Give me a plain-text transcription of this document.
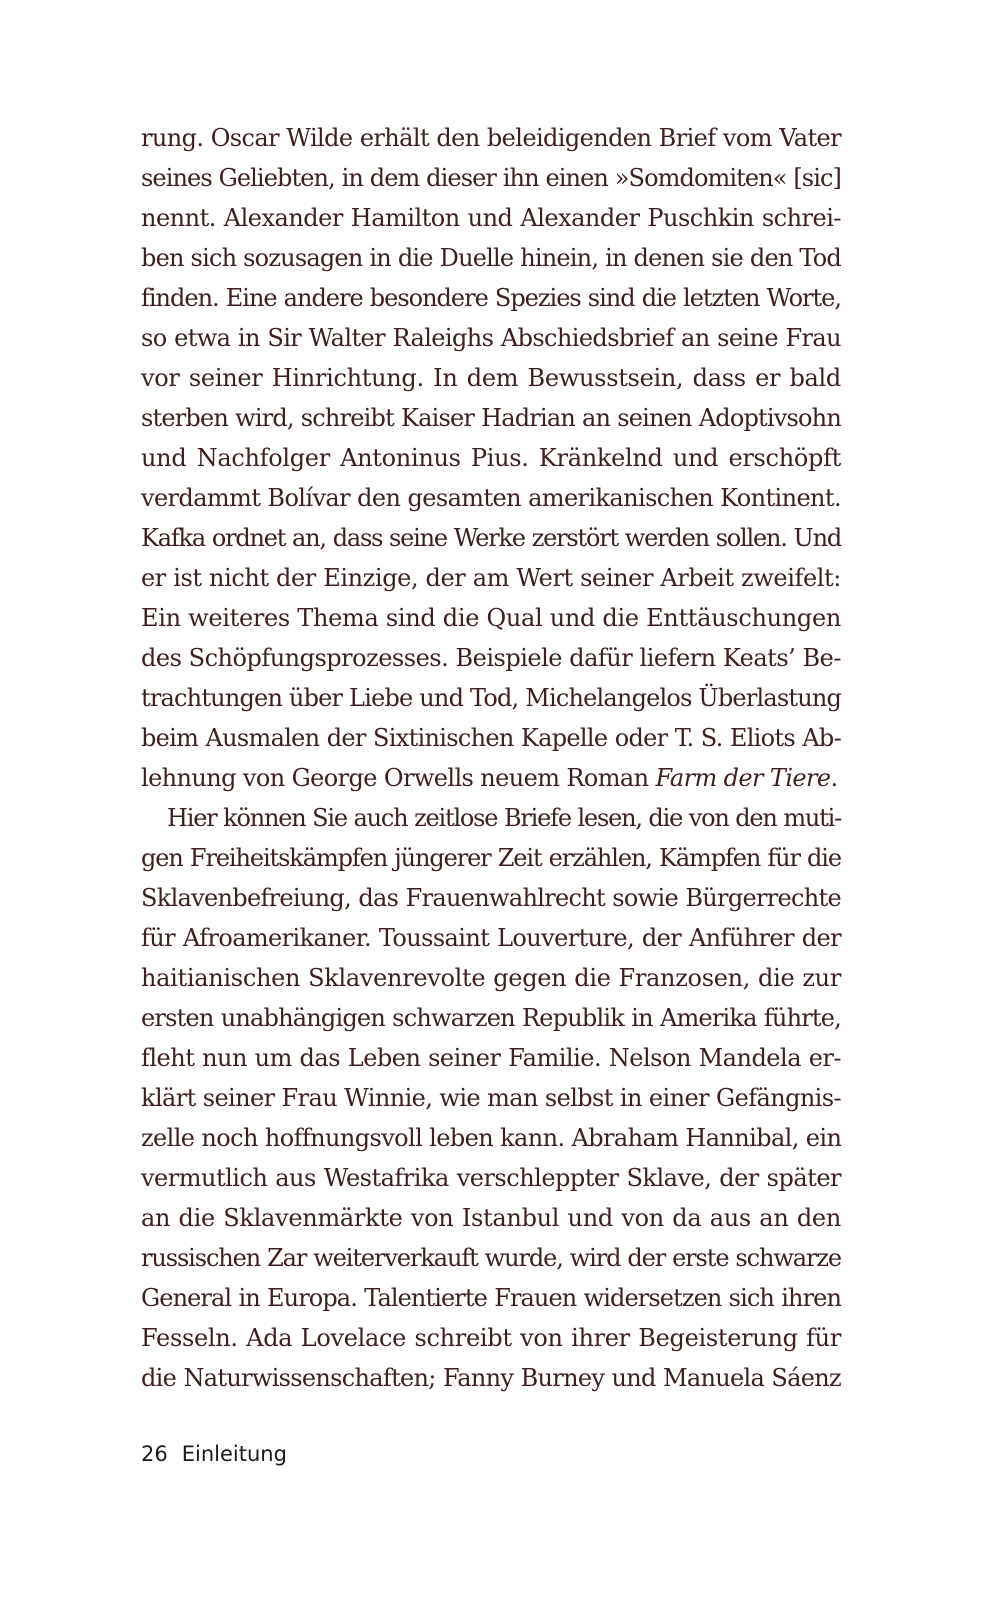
rung. Oscar Wilde erhält den beleidigenden Brief vom Vater
seines Geliebten, in dem dieser ihn einen »Somdomiten« [sic]
nennt. Alexander Hamilton und Alexander Puschkin schrei-
ben sich sozusagen in die Duelle hinein, in denen sie den Tod
finden. Eine andere besondere Spezies sind die letzten Worte,
so etwa in Sir Walter Raleighs Abschiedsbrief an seine Frau
vor seiner Hinrichtung. In dem Bewusstsein, dass er bald
sterben wird, schreibt Kaiser Hadrian an seinen Adoptivsohn
und Nachfolger Antoninus Pius. Kränkelnd und erschöpft
verdammt Bolívar den gesamten amerikanischen Kontinent.
Kafka ordnet an, dass seine Werke zerstört werden sollen. Und
er ist nicht der Einzige, der am Wert seiner Arbeit zweifelt:
Ein weiteres Thema sind die Qual und die Enttäuschungen
des Schöpfungsprozesses. Beispiele dafür liefern Keats’ Be-
trachtungen über Liebe und Tod, Michelangelos Überlastung
beim Ausmalen der Sixtinischen Kapelle oder T. S. Eliots Ab-
lehnung von George Orwells neuem Roman Farm der Tiere.
Hier können Sie auch zeitlose Briefe lesen, die von den muti-
gen Freiheitskämpfen jüngerer Zeit erzählen, Kämpfen für die
Sklavenbefreiung, das Frauenwahlrecht sowie Bürgerrechte
für Afroamerikaner. Toussaint Louverture, der Anführer der
haitianischen Sklavenrevolte gegen die Franzosen, die zur
ersten unabhängigen schwarzen Republik in Amerika führte,
fleht nun um das Leben seiner Familie. Nelson Mandela er-
klärt seiner Frau Winnie, wie man selbst in einer Gefängnis-
zelle noch hoffnungsvoll leben kann. Abraham Hannibal, ein
vermutlich aus Westafrika verschleppter Sklave, der später
an die Sklavenmärkte von Istanbul und von da aus an den
russischen Zar weiterverkauft wurde, wird der erste schwarze
General in Europa. Talentierte Frauen widersetzen sich ihren
Fesseln. Ada Lovelace schreibt von ihrer Begeisterung für
die Naturwissenschaften; Fanny Burney und Manuela Sáenz
26 Einleitung
